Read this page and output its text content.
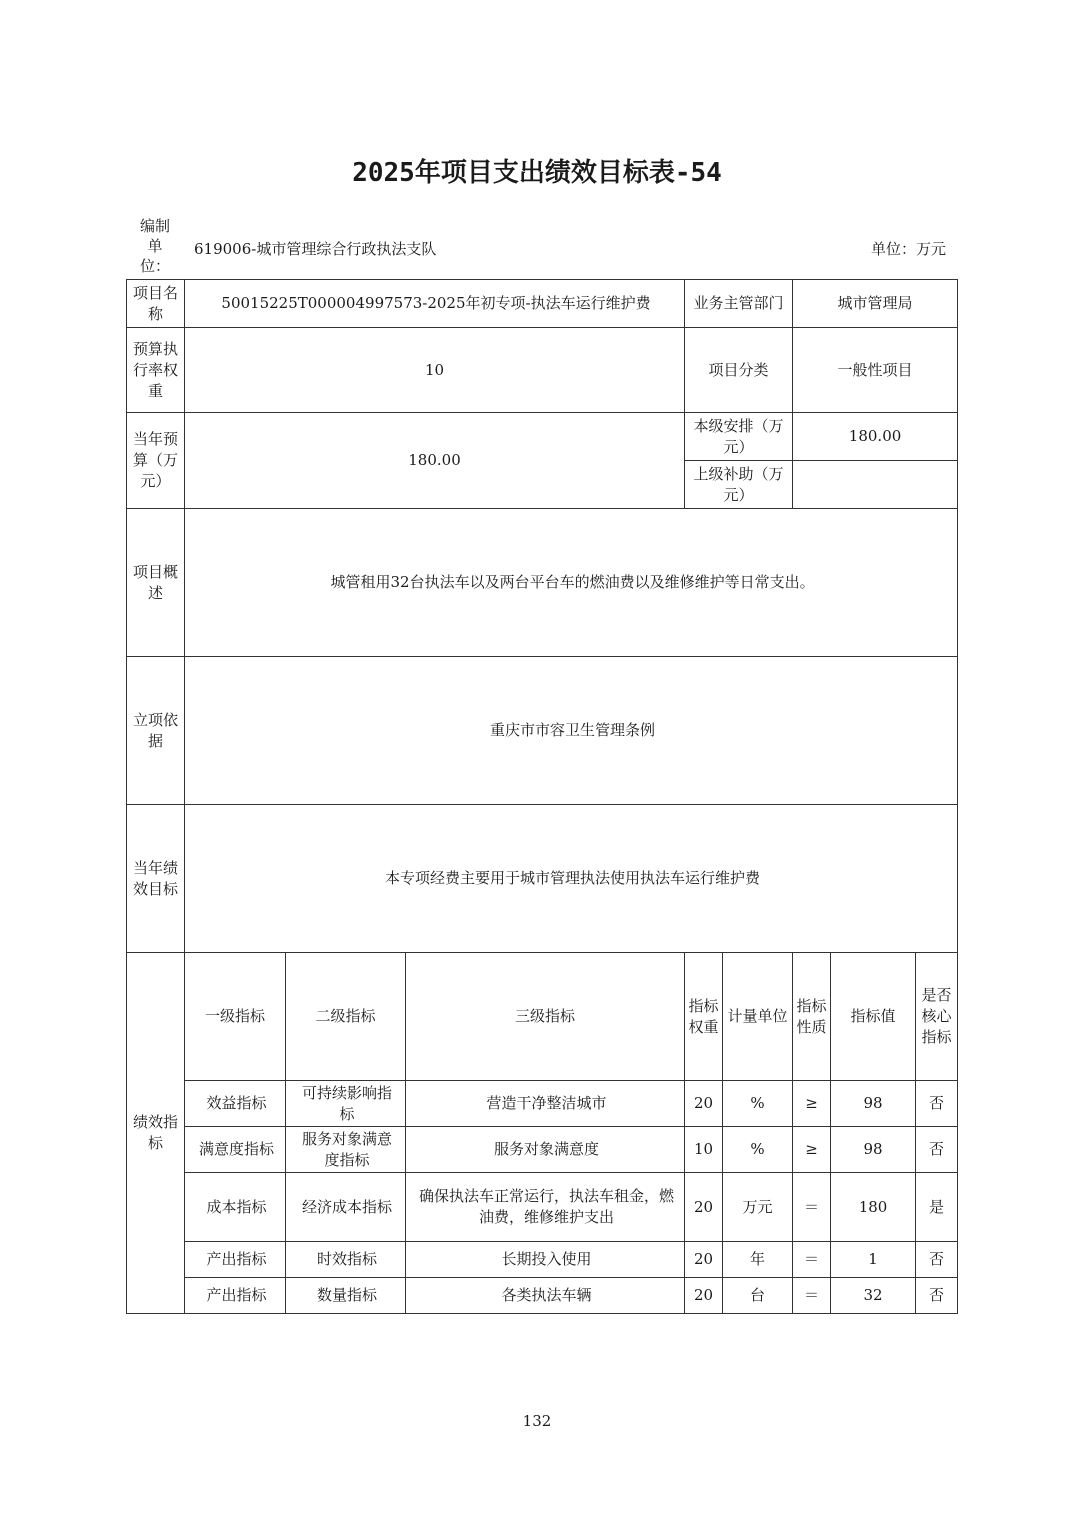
2025年项目支出绩效目标表-54
编制单位：
619006-城市管理综合行政执法支队	单位：万元
项目名称	50015225T000004997573-2025年初专项-执法车运行维护费			业务主管部门		城市管理局		
预算执行率权重	10			项目分类		一般性项目		
当年预算（万元）	180.00			本级安排（万元）		180.00		
				上级补助（万元）				
项目概述	城管租用32台执法车以及两台平台车的燃油费以及维修维护等日常支出。							
立项依据	重庆市市容卫生管理条例							
当年绩效目标	本专项经费主要用于城市管理执法使用执法车运行维护费							
绩效指标	一级指标	二级指标	三级指标	指标权重	计量单位	指标性质	指标值	是否核心指标
	效益指标	可持续影响指标	营造干净整洁城市	20	%	≥	98	否
	满意度指标	服务对象满意度指标	服务对象满意度	10	%	≥	98	否
	成本指标	经济成本指标	确保执法车正常运行，执法车租金，燃油费，维修维护支出	20	万元	＝	180	是
	产出指标	时效指标	长期投入使用	20	年	＝	1	否
	产出指标	数量指标	各类执法车辆	20	台	＝	32	否
132
